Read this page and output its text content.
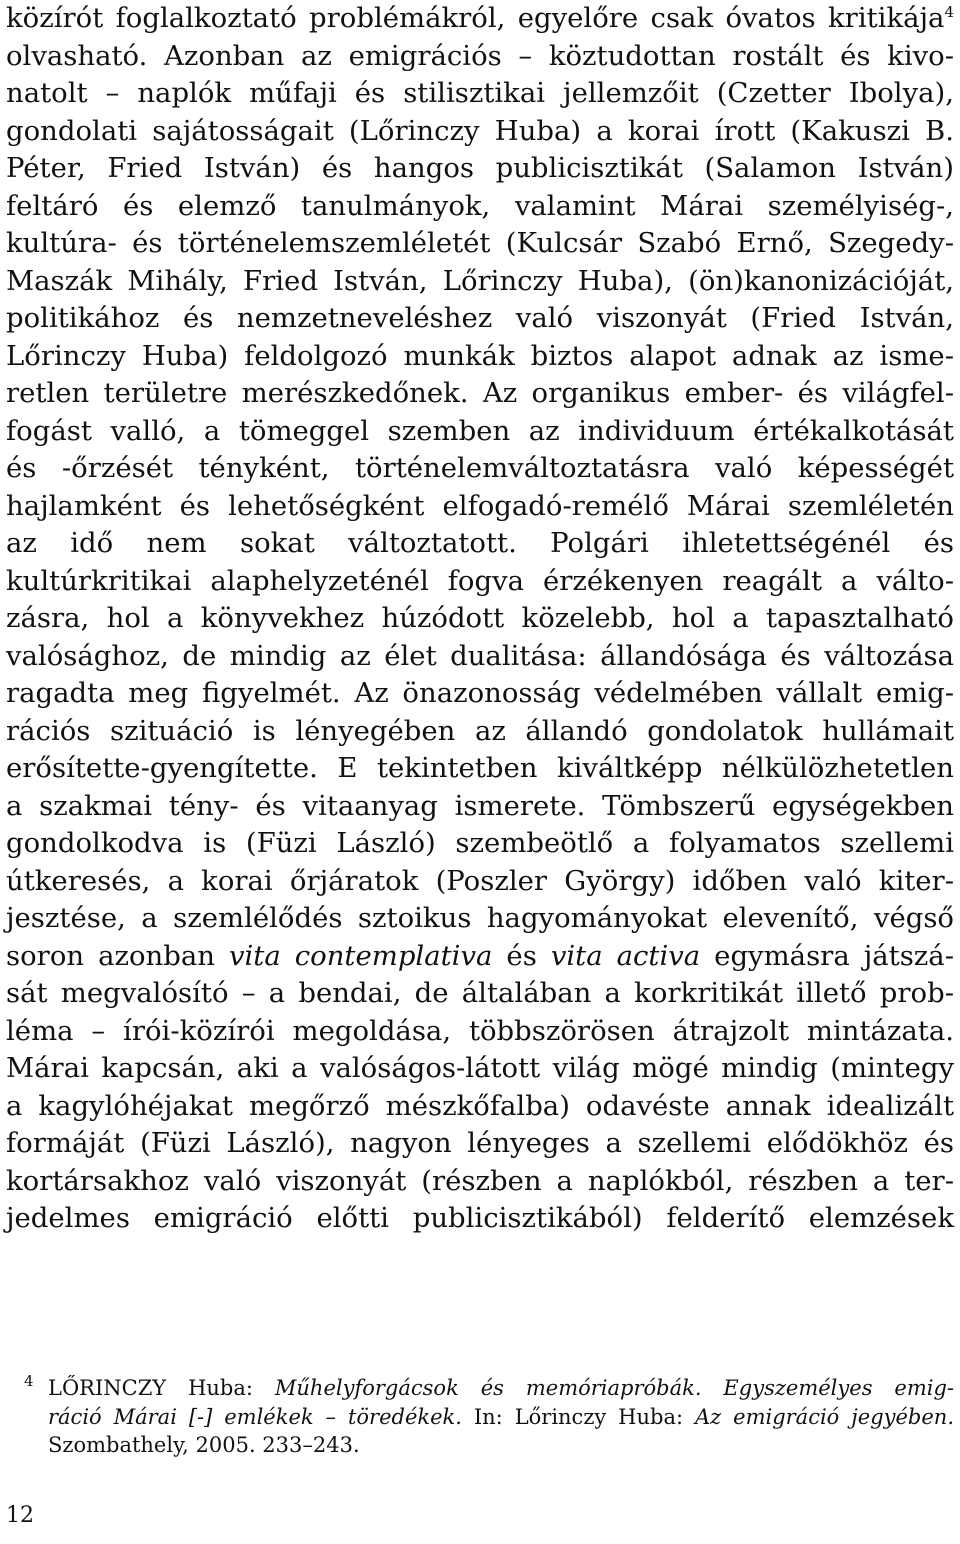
közírót foglalkoztató problémákról, egyelőre csak óvatos kritikája$^4$
olvasható. Azonban az emigrációs – köztudottan rostált és kivo-
natolt – naplók műfaji és stilisztikai jellemzőit (Czetter Ibolya),
gondolati sajátosságait (Lőrinczy Huba) a korai írott (Kakuszi B.
Péter, Fried István) és hangos publicisztikát (Salamon István)
feltáró és elemző tanulmányok, valamint Márai személyiség-,
kultúra- és történelemszemléletét (Kulcsár Szabó Ernő, Szegedy-
Maszák Mihály, Fried István, Lőrinczy Huba), (ön)kanonizációját,
politikához és nemzetneveléshez való viszonyát (Fried István,
Lőrinczy Huba) feldolgozó munkák biztos alapot adnak az isme-
retlen területre merészkedőnek. Az organikus ember- és világfel-
fogást valló, a tömeggel szemben az individuum értékalkotását
és -őrzését tényként, történelemváltoztatásra való képességét
hajlamként és lehetőségként elfogadó-remélő Márai szemléletén
az idő nem sokat változtatott. Polgári ihletettségénél és
kultúrkritikai alaphelyzeténél fogva érzékenyen reagált a válto-
zásra, hol a könyvekhez húzódott közelebb, hol a tapasztalható
valósághoz, de mindig az élet dualitása: állandósága és változása
ragadta meg figyelmét. Az önazonosság védelmében vállalt emig-
rációs szituáció is lényegében az állandó gondolatok hullámait
erősítette-gyengítette. E tekintetben kiváltképp nélkülözhetetlen
a szakmai tény- és vitaanyag ismerete. Tömbszerű egységekben
gondolkodva is (Füzi László) szembeötlő a folyamatos szellemi
útkeresés, a korai őrjáratok (Poszler György) időben való kiter-
jesztése, a szemlélődés sztoikus hagyományokat elevenítő, végső
soron azonban vita contemplativa és vita activa egymásra játszá-
sát megvalósító – a bendai, de általában a korkritikát illető prob-
léma – írói-közírói megoldása, többszörösen átrajzolt mintázata.
Márai kapcsán, aki a valóságos-látott világ mögé mindig (mintegy
a kagylóhéjakat megőrző mészkőfalba) odavéste annak idealizált
formáját (Füzi László), nagyon lényeges a szellemi elődökhöz és
kortársakhoz való viszonyát (részben a naplókból, részben a ter-
jedelmes emigráció előtti publicisztikából) felderítő elemzések
4 LŐRINCZY Huba: Műhelyforgácsok és memóriapróbák. Egyszemélyes emig-
ráció Márai [-] emlékek – töredékek. In: Lőrinczy Huba: Az emigráció jegyében.
Szombathely, 2005. 233–243.
12
